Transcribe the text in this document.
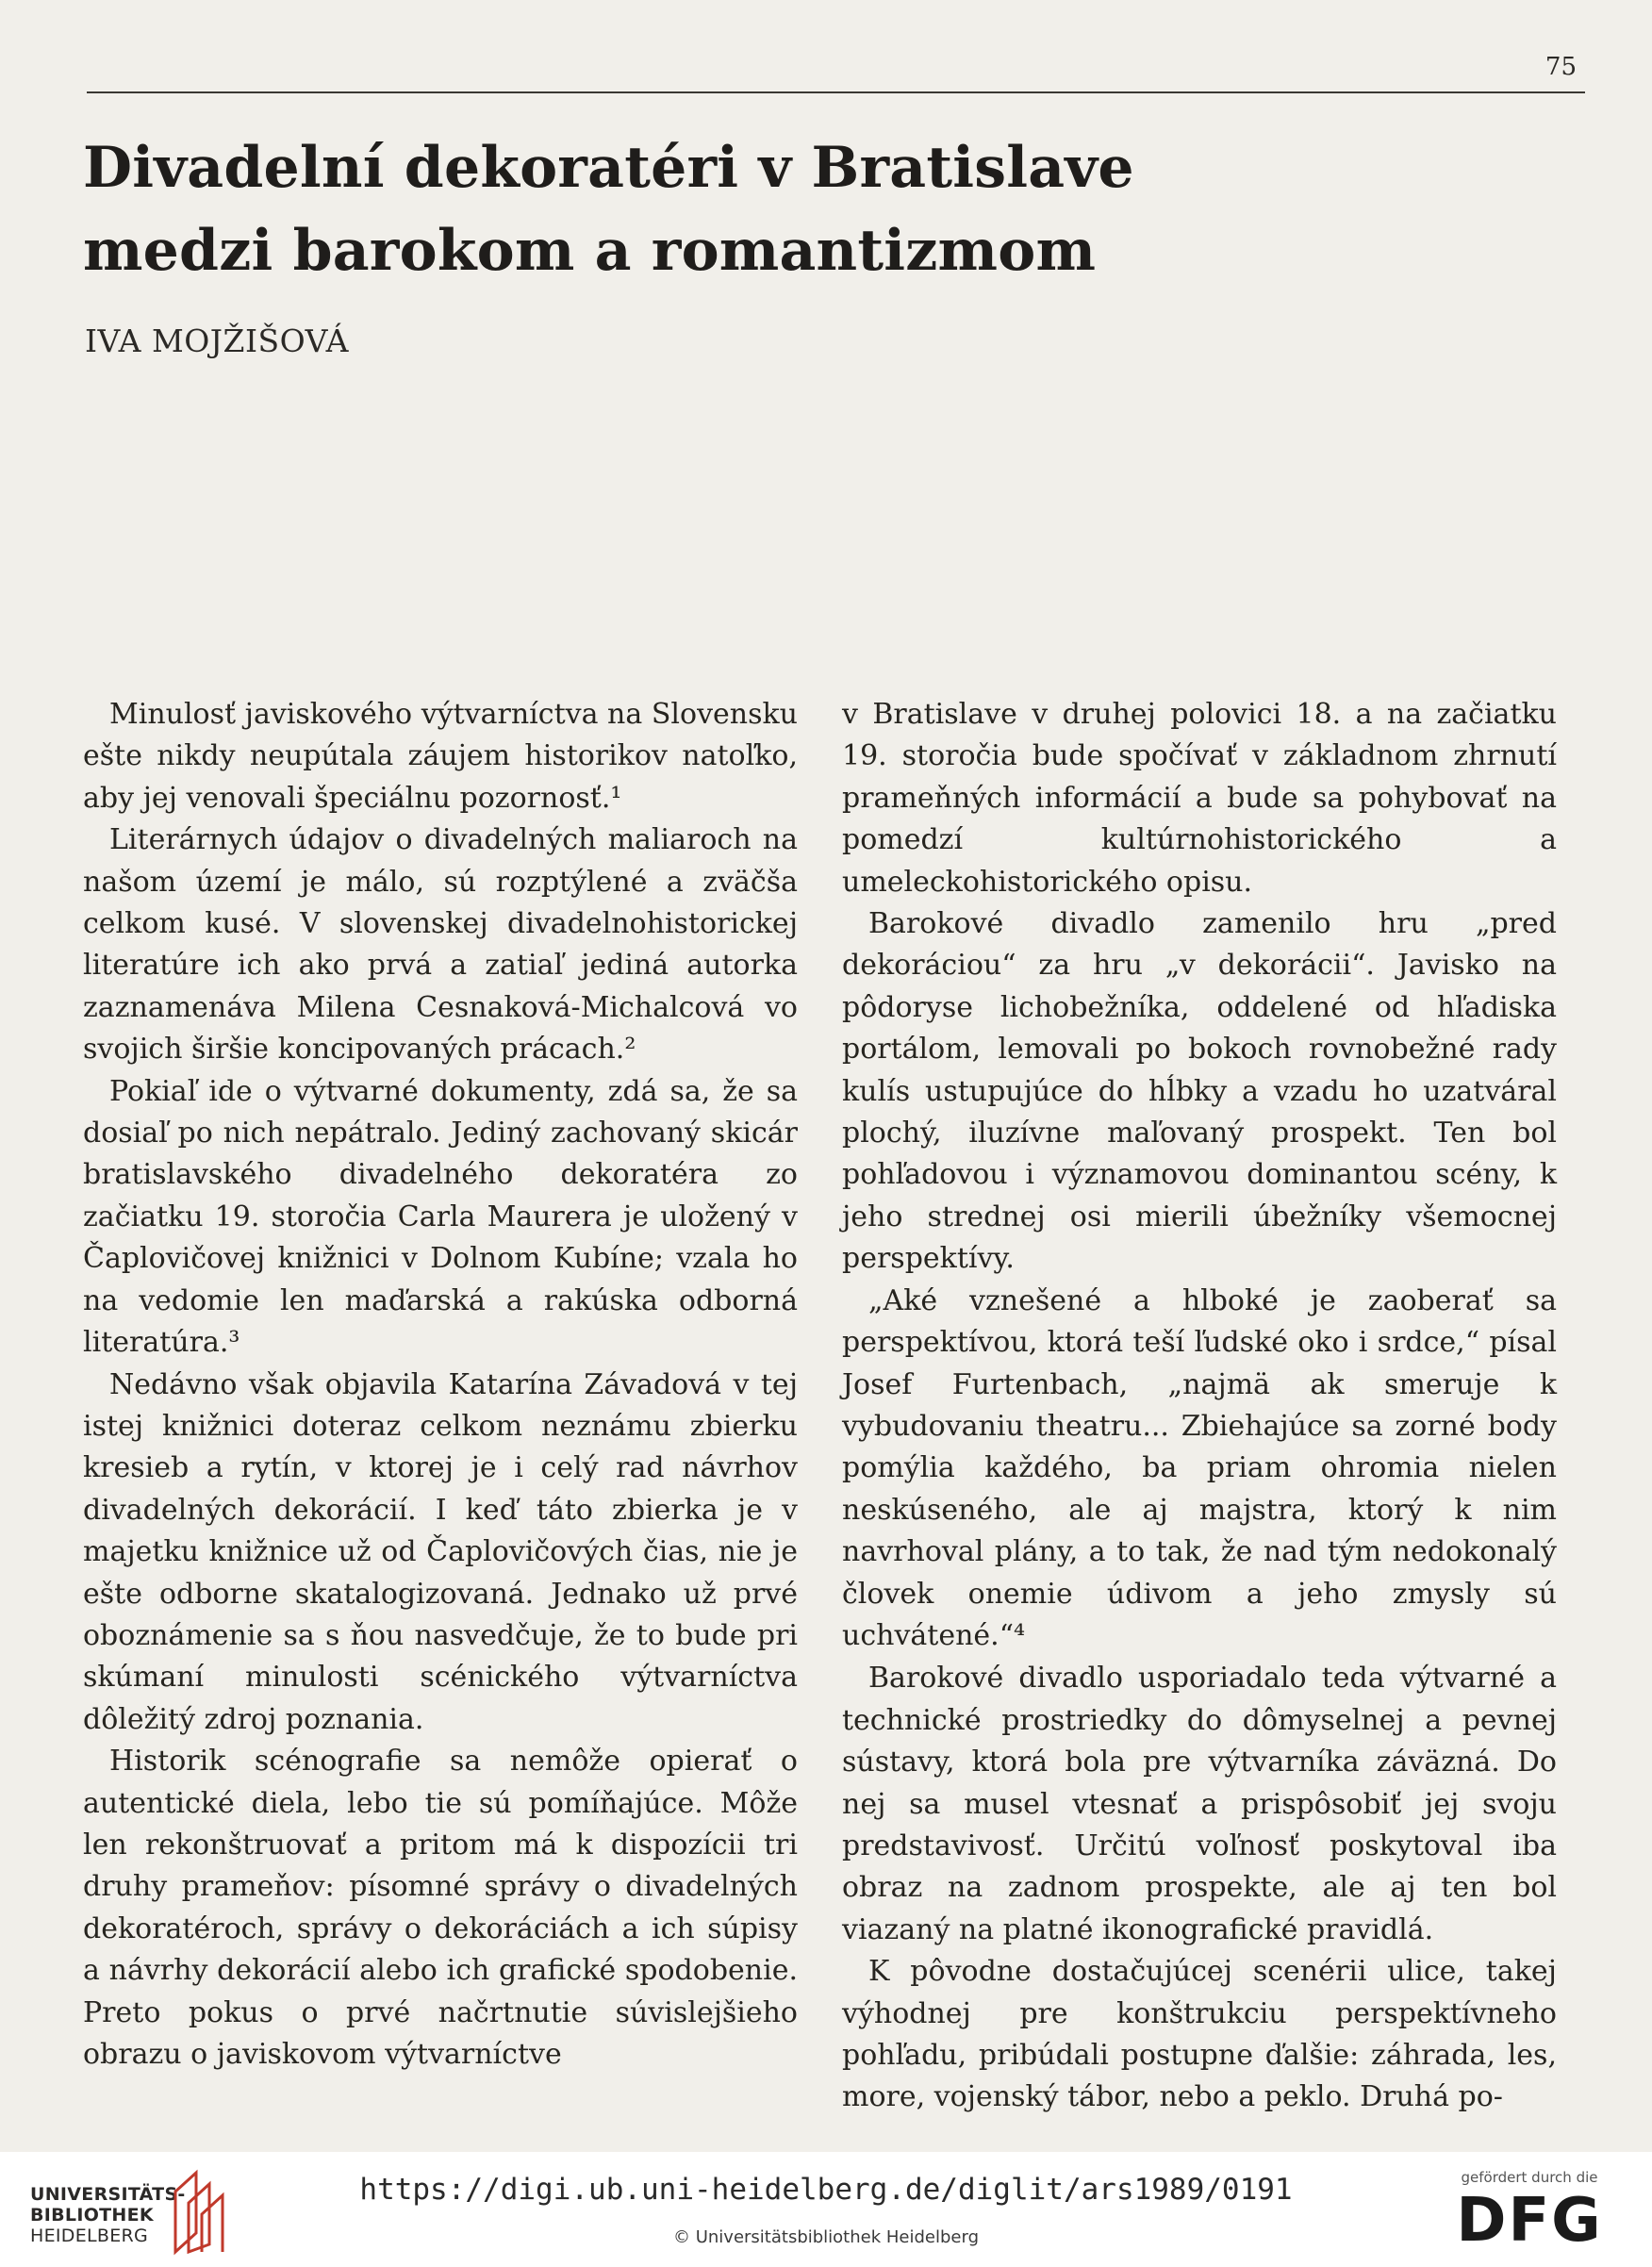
75

Divadelní dekoratéri v Bratislave
medzi barokom a romantizmom

IVA MOJŽIŠOVÁ

Minulosť javiskového výtvarníctva na Slovensku ešte nikdy neupútala záujem historikov natoľko, aby jej venovali špeciálnu pozornosť.¹

Literárnych údajov o divadelných maliaroch na našom území je málo, sú rozptýlené a zväčša celkom kusé. V slovenskej divadelnohistorickej literatúre ich ako prvá a zatiaľ jediná autorka zaznamenáva Milena Cesnaková-Michalcová vo svojich širšie koncipovaných prácach.²

Pokiaľ ide o výtvarné dokumenty, zdá sa, že sa dosiaľ po nich nepátralo. Jediný zachovaný skicár bratislavského divadelného dekoratéra zo začiatku 19. storočia Carla Maurera je uložený v Čaplovičovej knižnici v Dolnom Kubíne; vzala ho na vedomie len maďarská a rakúska odborná literatúra.³

Nedávno však objavila Katarína Závadová v tej istej knižnici doteraz celkom neznámu zbierku kresieb a rytín, v ktorej je i celý rad návrhov divadelných dekorácií. I keď táto zbierka je v majetku knižnice už od Čaplovičových čias, nie je ešte odborne skatalogizovaná. Jednako už prvé oboznámenie sa s ňou nasvedčuje, že to bude pri skúmaní minulosti scénického výtvarníctva dôležitý zdroj poznania.

Historik scénografie sa nemôže opierať o autentické diela, lebo tie sú pomíňajúce. Môže len rekonštruovať a pritom má k dispozícii tri druhy prameňov: písomné správy o divadelných dekoratéroch, správy o dekoráciách a ich súpisy a návrhy dekorácií alebo ich grafické spodobenie. Preto pokus o prvé načrtnutie súvislejšieho obrazu o javiskovom výtvarníctve

v Bratislave v druhej polovici 18. a na začiatku 19. storočia bude spočívať v základnom zhrnutí prameňných informácií a bude sa pohybovať na pomedzí kultúrnohistorického a umeleckohistorického opisu.

Barokové divadlo zamenilo hru „pred dekoráciou“ za hru „v dekorácii“. Javisko na pôdoryse lichobežníka, oddelené od hľadiska portálom, lemovali po bokoch rovnobežné rady kulís ustupujúce do hĺbky a vzadu ho uzatváral plochý, iluzívne maľovaný prospekt. Ten bol pohľadovou i významovou dominantou scény, k jeho strednej osi mierili úbežníky všemocnej perspektívy.

„Aké vznešené a hlboké je zaoberať sa perspektívou, ktorá teší ľudské oko i srdce,“ písal Josef Furtenbach, „najmä ak smeruje k vybudovaniu theatru... Zbiehajúce sa zorné body pomýlia každého, ba priam ohromia nielen neskúseného, ale aj majstra, ktorý k nim navrhoval plány, a to tak, že nad tým nedokonalý človek onemie údivom a jeho zmysly sú uchvátené.“⁴

Barokové divadlo usporiadalo teda výtvarné a technické prostriedky do dômyselnej a pevnej sústavy, ktorá bola pre výtvarníka záväzná. Do nej sa musel vtesnať a prispôsobiť jej svoju predstavivosť. Určitú voľnosť poskytoval iba obraz na zadnom prospekte, ale aj ten bol viazaný na platné ikonografické pravidlá.

K pôvodne dostačujúcej scenérii ulice, takej výhodnej pre konštrukciu perspektívneho pohľadu, pribúdali postupne ďalšie: záhrada, les, more, vojenský tábor, nebo a peklo. Druhá po-

UNIVERSITÄTS-
BIBLIOTHEK
HEIDELBERG

https://digi.ub.uni-heidelberg.de/diglit/ars1989/0191

© Universitätsbibliothek Heidelberg

gefördert durch die
DFG
